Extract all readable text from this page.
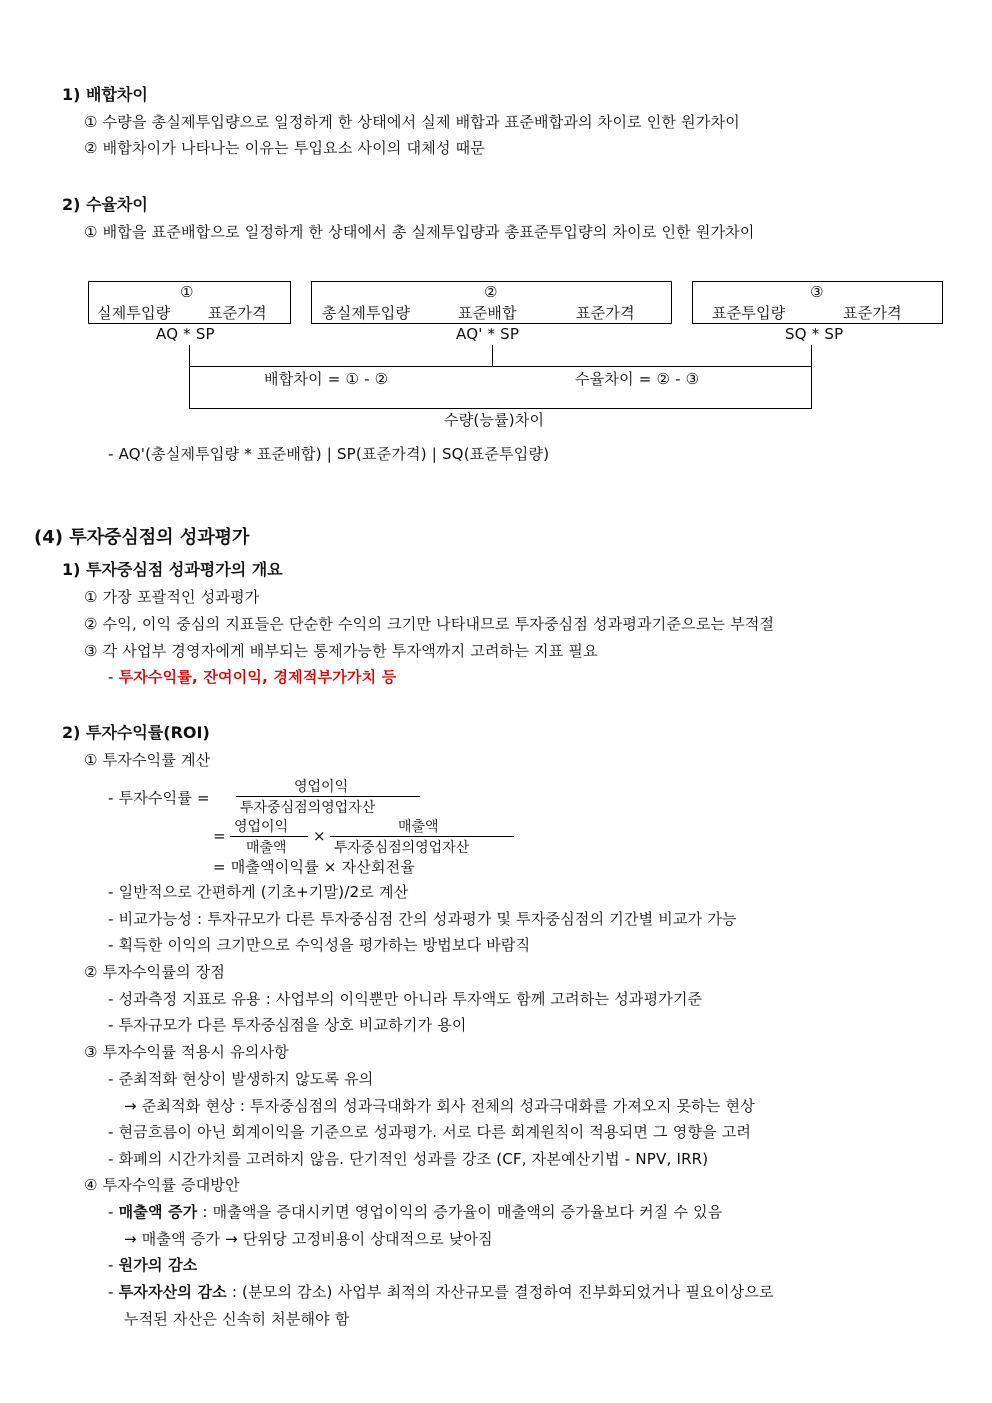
1) 배합차이
① 수량을 총실제투입량으로 일정하게 한 상태에서 실제 배합과 표준배합과의 차이로 인한 원가차이
② 배합차이가 나타나는 이유는 투입요소 사이의 대체성 때문
2) 수율차이
① 배합을 표준배합으로 일정하게 한 상태에서 총 실제투입량과 총표준투입량의 차이로 인한 원가차이
①
실제투입량	표준가격
AQ * SP
②
총실제투입량	표준배합	표준가격
AQ' * SP
③
표준투입량	표준가격
SQ * SP
배합차이 = ① - ②	수율차이 = ② - ③
수량(능률)차이
- AQ'(총실제투입량 * 표준배합) | SP(표준가격) | SQ(표준투입량)
(4) 투자중심점의 성과평가
1) 투자중심점 성과평가의 개요
① 가장 포괄적인 성과평가
② 수익, 이익 중심의 지표들은 단순한 수익의 크기만 나타내므로 투자중심점 성과평과기준으로는 부적절
③ 각 사업부 경영자에게 배부되는 통제가능한 투자액까지 고려하는 지표 필요
- 투자수익률, 잔여이익, 경제적부가가치 등
2) 투자수익률(ROI)
① 투자수익률 계산
- 투자수익률 =
영업이익
투자중심점의영업자산
= 영업이익
매출액
×	매출액
투자중심점의영업자산
= 매출액이익률 × 자산회전율
- 일반적으로 간편하게 (기초+기말)/2로 계산
- 비교가능성 : 투자규모가 다른 투자중심점 간의 성과평가 및 투자중심점의 기간별 비교가 가능
- 획득한 이익의 크기만으로 수익성을 평가하는 방법보다 바람직
② 투자수익률의 장점
- 성과측정 지표로 유용 : 사업부의 이익뿐만 아니라 투자액도 함께 고려하는 성과평가기준
- 투자규모가 다른 투자중심점을 상호 비교하기가 용이
③ 투자수익률 적용시 유의사항
- 준최적화 현상이 발생하지 않도록 유의
→ 준최적화 현상 : 투자중심점의 성과극대화가 회사 전체의 성과극대화를 가져오지 못하는 현상
- 현금흐름이 아닌 회계이익을 기준으로 성과평가. 서로 다른 회계원칙이 적용되면 그 영향을 고려
- 화폐의 시간가치를 고려하지 않음. 단기적인 성과를 강조 (CF, 자본예산기법 - NPV, IRR)
④ 투자수익률 증대방안
- 매출액 증가 : 매출액을 증대시키면 영업이익의 증가율이 매출액의 증가율보다 커질 수 있음
→ 매출액 증가 → 단위당 고정비용이 상대적으로 낮아짐
- 원가의 감소
- 투자자산의 감소 : (분모의 감소) 사업부 최적의 자산규모를 결정하여 진부화되었거나 필요이상으로
누적된 자산은 신속히 처분해야 함
